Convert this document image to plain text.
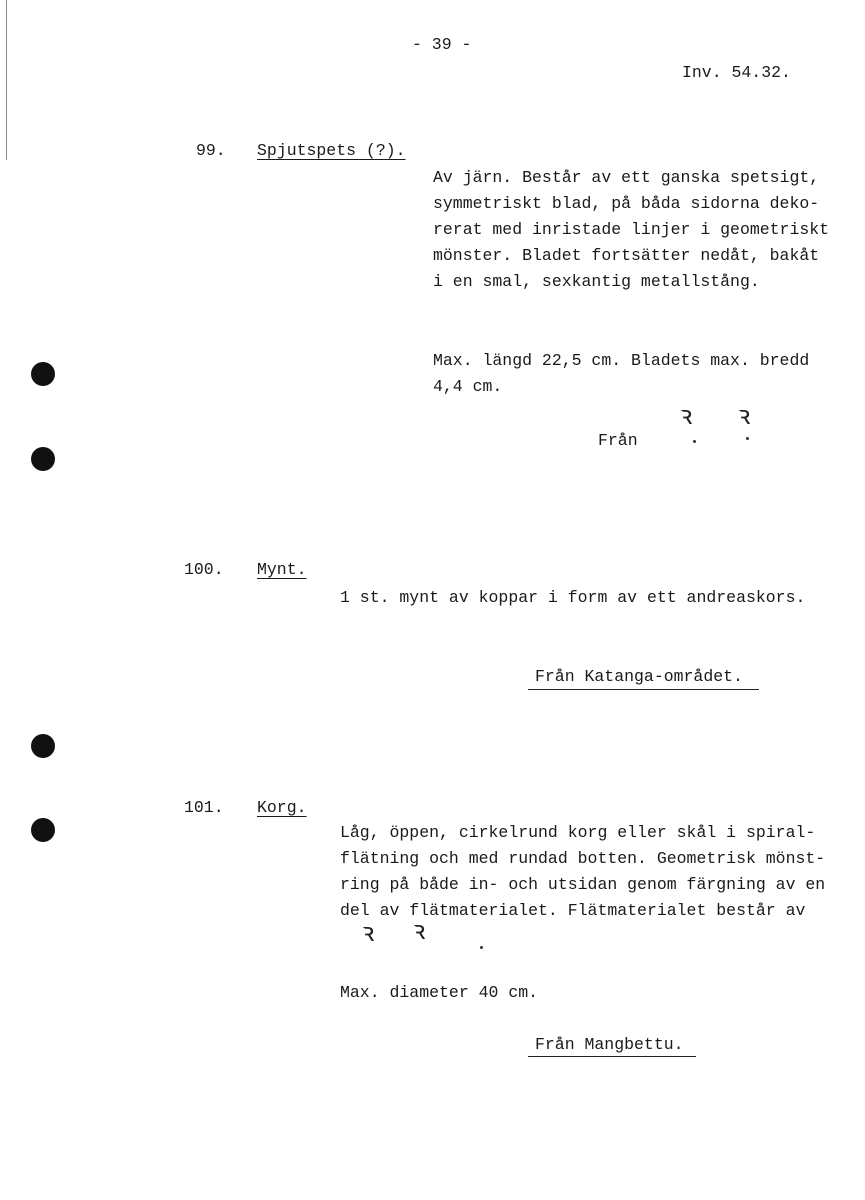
- 39 -
Inv. 54.32.
99. Spjutspets (?).
Av järn. Består av ett ganska spetsigt,
symmetriskt blad, på båda sidorna deko-
rerat med inristade linjer i geometriskt
mönster. Bladet fortsätter nedåt, bakåt
i en smal, sexkantig metallstång.
Max. längd 22,5 cm. Bladets max. bredd
4,4 cm.
Från
ꝛ ꝛ
100. Mynt.
1 st. mynt av koppar i form av ett andreaskors.
Från Katanga-området.
101. Korg.
Låg, öppen, cirkelrund korg eller skål i spiral-
flätning och med rundad botten. Geometrisk mönst-
ring på både in- och utsidan genom färgning av en
del av flätmaterialet. Flätmaterialet består av
ꝛ ꝛ
Max. diameter 40 cm.
Från Mangbettu.
